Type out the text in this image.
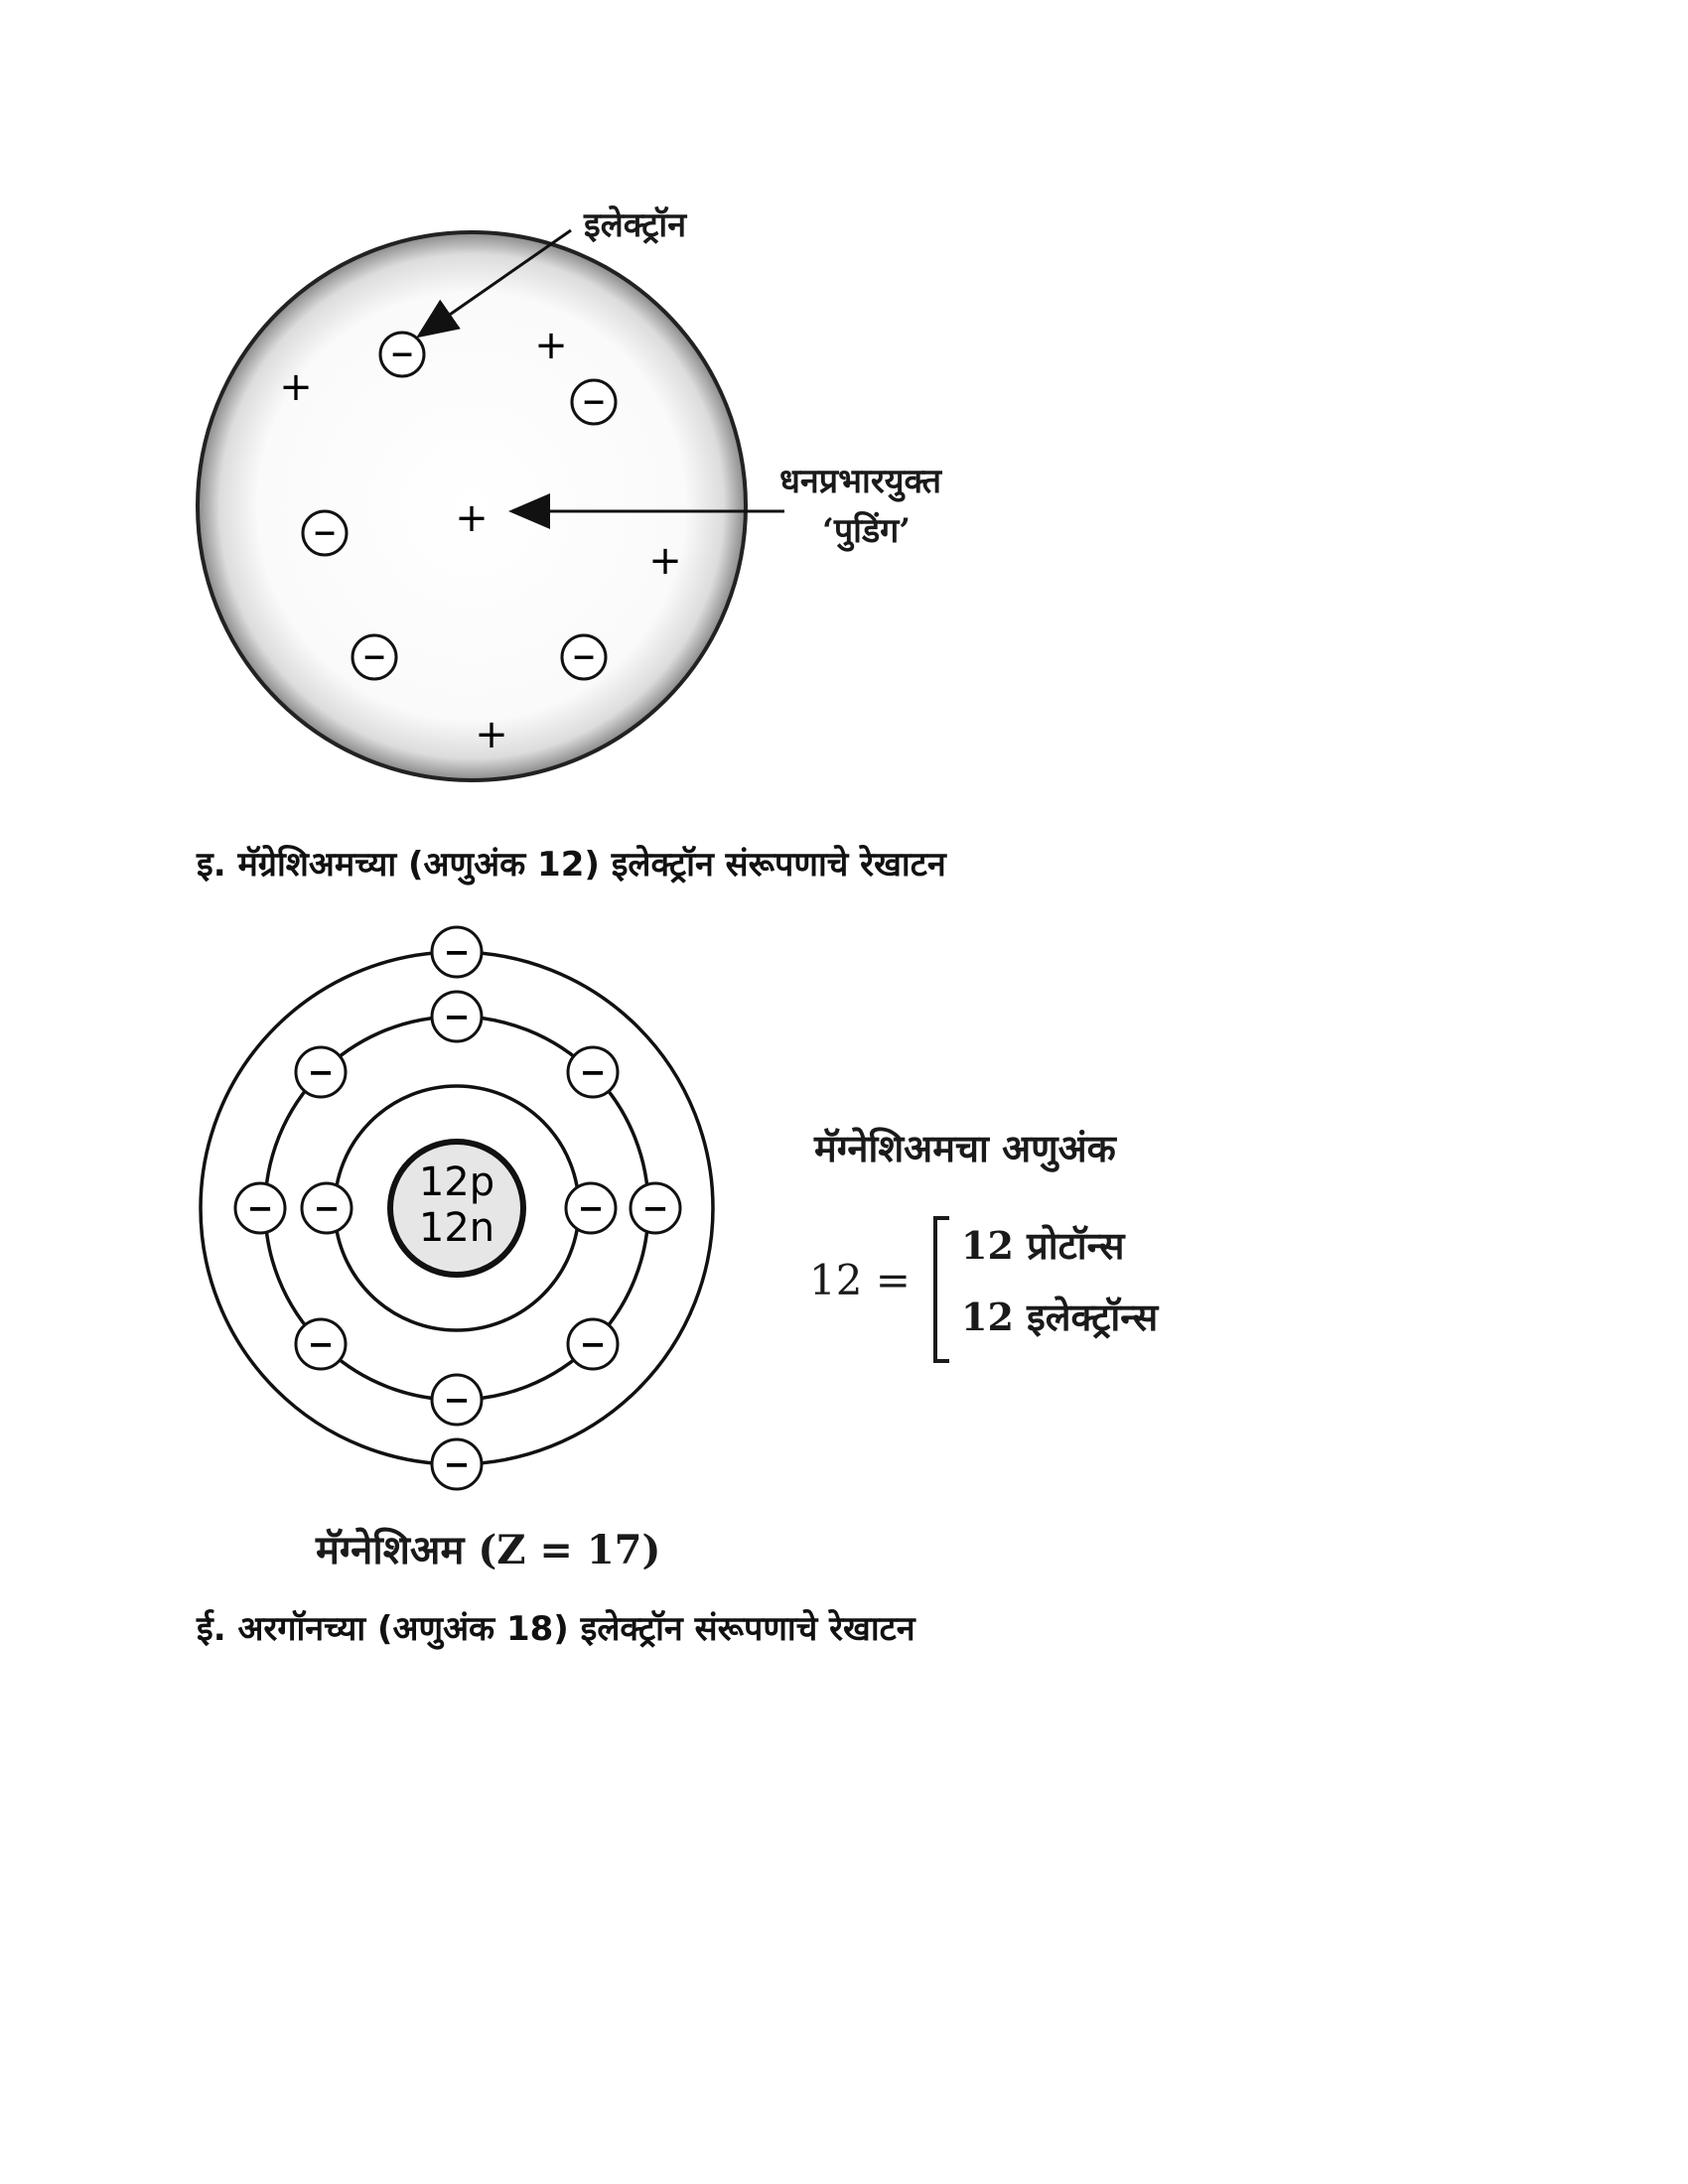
−
−
−
−	−
+
+
+
+
+
इलेक्ट्रॉन
धनप्रभारयुक्त
‘पुडिंग’
इ. मॅग्रेशिअमच्या (अणुअंक 12) इलेक्ट्रॉन संरूपणाचे रेखाटन
12p
12n
−
−
−	−
−
−
−	−
−	−
−	−
मॅग्नेशिअमचा अणुअंक
12 =
12 प्रोटॉन्स
12 इलेक्ट्रॉन्स
मॅग्नेशिअम (Z = 17)
ई. अरगॉनच्या (अणुअंक 18) इलेक्ट्रॉन संरूपणाचे रेखाटन
